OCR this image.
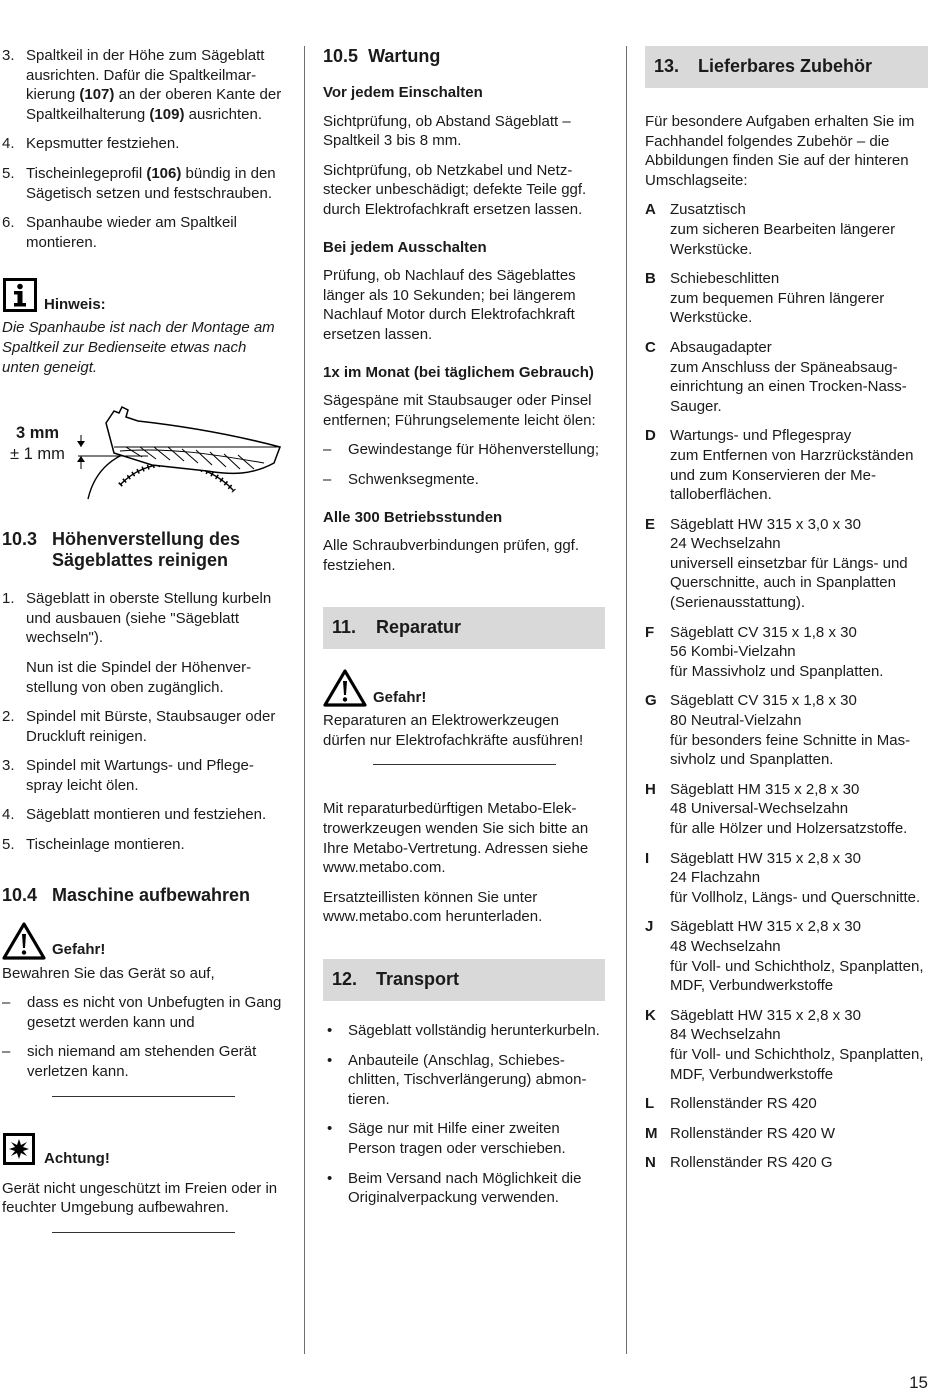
3. Spaltkeil in der Höhe zum Sägeblatt ausrichten. Dafür die Spaltkeilmarkierung (107) an der oberen Kante der Spaltkeilhalterung (109) ausrichten.
4. Kepsmutter festziehen.
5. Tischeinlegeprofil (106) bündig in den Sägetisch setzen und festschrauben.
6. Spanhaube wieder am Spaltkeil montieren.
Hinweis:

Die Spanhaube ist nach der Montage am Spaltkeil zur Bedienseite etwas nach unten geneigt.

3 mm
± 1 mm
10.3 Höhenverstellung des Sägeblattes reinigen
1. Sägeblatt in oberste Stellung kurbeln und ausbauen (siehe "Sägeblatt wechseln").
Nun ist die Spindel der Höhenverstellung von oben zugänglich.
2. Spindel mit Bürste, Staubsauger oder Druckluft reinigen.
3. Spindel mit Wartungs- und Pflegespray leicht ölen.
4. Sägeblatt montieren und festziehen.
5. Tischeinlage montieren.
10.4 Maschine aufbewahren
Gefahr!

Bewahren Sie das Gerät so auf,

– dass es nicht von Unbefugten in Gang gesetzt werden kann und
– sich niemand am stehenden Gerät verletzen kann.
Achtung!

Gerät nicht ungeschützt im Freien oder in feuchter Umgebung aufbewahren.

10.5 Wartung
Vor jedem Einschalten

Sichtprüfung, ob Abstand Sägeblatt – Spaltkeil 3 bis 8 mm.

Sichtprüfung, ob Netzkabel und Netzstecker unbeschädigt; defekte Teile ggf. durch Elektrofachkraft ersetzen lassen.

Bei jedem Ausschalten

Prüfung, ob Nachlauf des Sägeblattes länger als 10 Sekunden; bei längerem Nachlauf Motor durch Elektrofachkraft ersetzen lassen.

1x im Monat (bei täglichem Gebrauch)

Sägespäne mit Staubsauger oder Pinsel entfernen; Führungselemente leicht ölen:

– Gewindestange für Höhenverstellung;
– Schwenksegmente.
Alle 300 Betriebsstunden

Alle Schraubverbindungen prüfen, ggf. festziehen.

11. Reparatur
Gefahr!

Reparaturen an Elektrowerkzeugen dürfen nur Elektrofachkräfte ausführen!

Mit reparaturbedürftigen Metabo-Elektrowerkzeugen wenden Sie sich bitte an Ihre Metabo-Vertretung. Adressen siehe www.metabo.com.

Ersatzteillisten können Sie unter www.metabo.com herunterladen.

12. Transport
• Sägeblatt vollständig herunterkurbeln.
• Anbauteile (Anschlag, Schiebeschlitten, Tischverlängerung) abmontieren.
• Säge nur mit Hilfe einer zweiten Person tragen oder verschieben.
• Beim Versand nach Möglichkeit die Originalverpackung verwenden.
13. Lieferbares Zubehör

Für besondere Aufgaben erhalten Sie im Fachhandel folgendes Zubehör – die Abbildungen finden Sie auf der hinteren Umschlagseite:

A Zusatztisch
zum sicheren Bearbeiten längerer Werkstücke.
B Schiebeschlitten
zum bequemen Führen längerer Werkstücke.
C Absaugadapter
zum Anschluss der Späneabsaugeinrichtung an einen Trocken-Nass-Sauger.
D Wartungs- und Pflegespray
zum Entfernen von Harzrückständen und zum Konservieren der Metalloberflächen.
E Sägeblatt HW 315 x 3,0 x 30
24 Wechselzahn
universell einsetzbar für Längs- und Querschnitte, auch in Spanplatten (Serienausstattung).
F Sägeblatt CV 315 x 1,8 x 30
56 Kombi-Vielzahn
für Massivholz und Spanplatten.
G Sägeblatt CV 315 x 1,8 x 30
80 Neutral-Vielzahn
für besonders feine Schnitte in Massivholz und Spanplatten.
H Sägeblatt HM 315 x 2,8 x 30
48 Universal-Wechselzahn
für alle Hölzer und Holzersatzstoffe.
I Sägeblatt HW 315 x 2,8 x 30
24 Flachzahn
für Vollholz, Längs- und Querschnitte.
J Sägeblatt HW 315 x 2,8 x 30
48 Wechselzahn
für Voll- und Schichtholz, Spanplatten, MDF, Verbundwerkstoffe
K Sägeblatt HW 315 x 2,8 x 30
84 Wechselzahn
für Voll- und Schichtholz, Spanplatten, MDF, Verbundwerkstoffe
L Rollenständer RS 420
M Rollenständer RS 420 W
N Rollenständer RS 420 G
15
